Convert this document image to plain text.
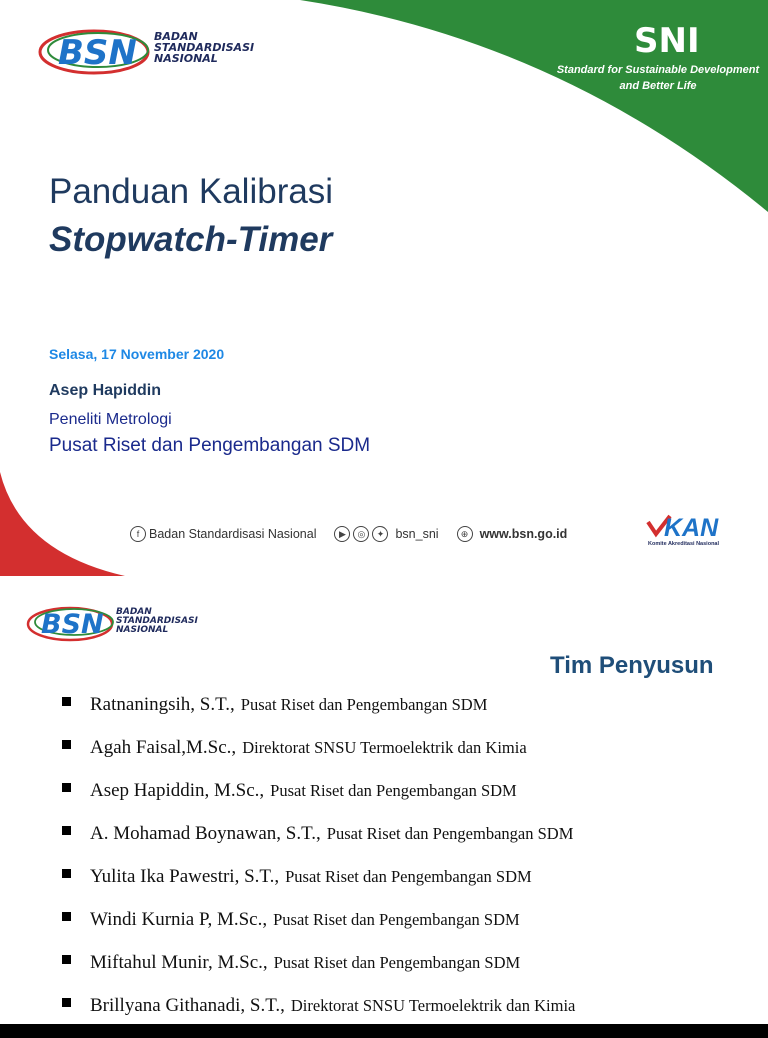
BSN BADAN
STANDARDISASI
NASIONAL	SNI
Standard for Sustainable Development
and Better Life
Panduan Kalibrasi
Stopwatch-Timer
Selasa, 17 November 2020
Asep Hapiddin
Peneliti Metrologi
Pusat Riset dan Pengembangan SDM
f Badan Standardisasi Nasional	▶	◎	✦ bsn_sni	⊕ www.bsn.go.id	KAN
Komite Akreditasi Nasional
BSN BADAN
STANDARDISASI
NASIONAL
Tim Penyusun
Ratnaningsih, S.T., Pusat Riset dan Pengembangan SDM
Agah Faisal,M.Sc., Direktorat SNSU Termoelektrik dan Kimia
Asep Hapiddin, M.Sc., Pusat Riset dan Pengembangan SDM
A. Mohamad Boynawan, S.T., Pusat Riset dan Pengembangan SDM
Yulita Ika Pawestri, S.T., Pusat Riset dan Pengembangan SDM
Windi Kurnia P, M.Sc., Pusat Riset dan Pengembangan SDM
Miftahul Munir, M.Sc., Pusat Riset dan Pengembangan SDM
Brillyana Githanadi, S.T., Direktorat SNSU Termoelektrik dan Kimia
